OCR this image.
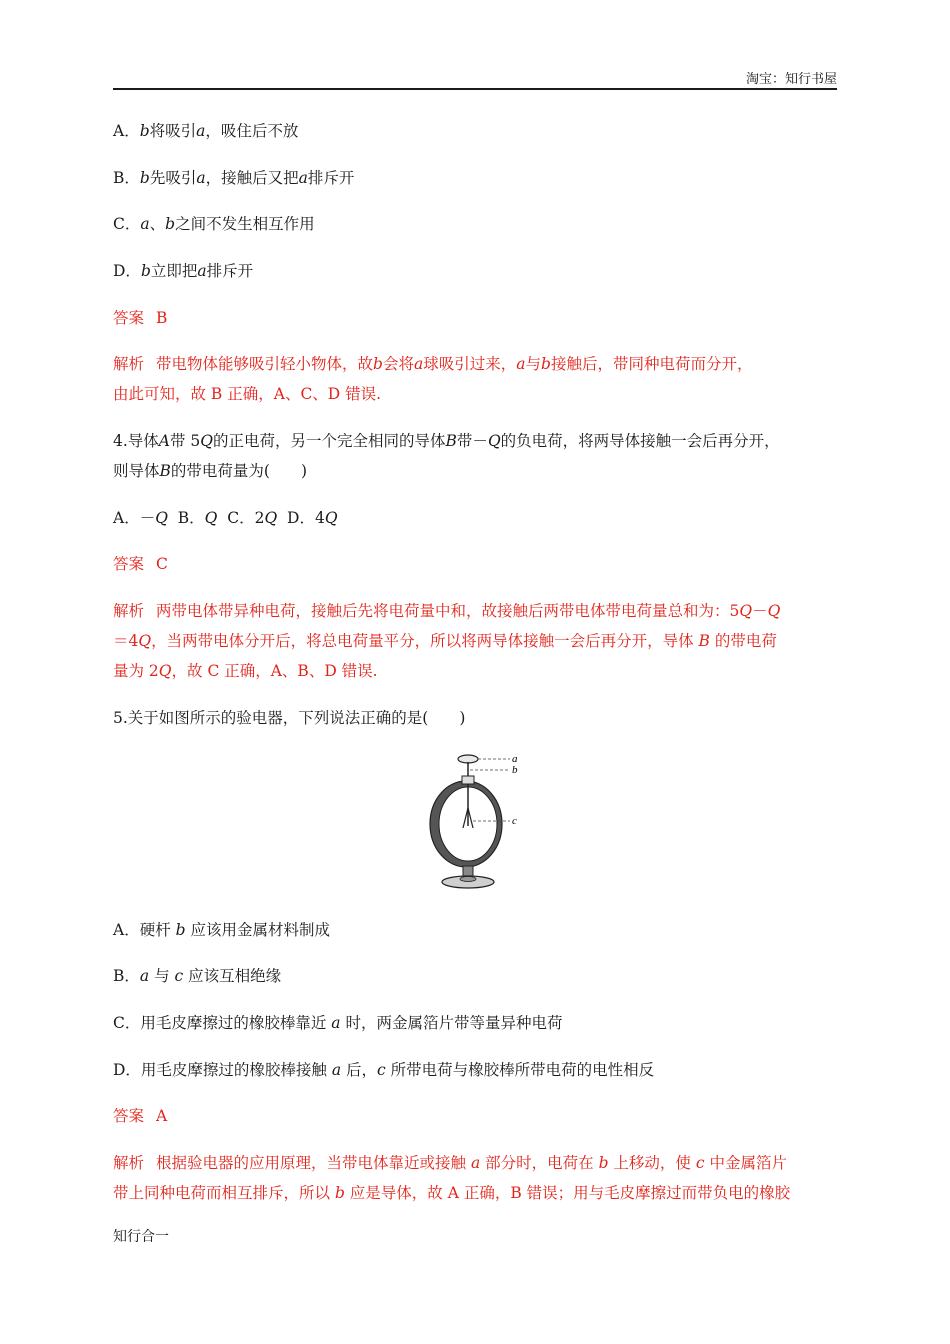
淘宝：知行书屋
A．b将吸引a，吸住后不放
B．b先吸引a，接触后又把a排斥开
C．a、b之间不发生相互作用
D．b立即把a排斥开
答案 B
解析 带电物体能够吸引轻小物体，故b会将a球吸引过来，a与b接触后，带同种电荷而分开，
由此可知，故 B 正确，A、C、D 错误.
4.导体A带 5Q的正电荷，另一个完全相同的导体B带－Q的负电荷，将两导体接触一会后再分开，
则导体B的带电荷量为(　　)
A．－Q  B．Q  C．2Q  D．4Q
答案 C
解析 两带电体带异种电荷，接触后先将电荷量中和，故接触后两带电体带电荷量总和为：5Q－Q
＝4Q，当两带电体分开后，将总电荷量平分，所以将两导体接触一会后再分开，导体 B 的带电荷
量为 2Q，故 C 正确，A、B、D 错误.
5.关于如图所示的验电器，下列说法正确的是(　　)
a
b
c
A．硬杆 b 应该用金属材料制成
B．a 与 c 应该互相绝缘
C．用毛皮摩擦过的橡胶棒靠近 a 时，两金属箔片带等量异种电荷
D．用毛皮摩擦过的橡胶棒接触 a 后，c 所带电荷与橡胶棒所带电荷的电性相反
答案 A
解析 根据验电器的应用原理，当带电体靠近或接触 a 部分时，电荷在 b 上移动，使 c 中金属箔片
带上同种电荷而相互排斥，所以 b 应是导体，故 A 正确，B 错误；用与毛皮摩擦过而带负电的橡胶
知行合一
